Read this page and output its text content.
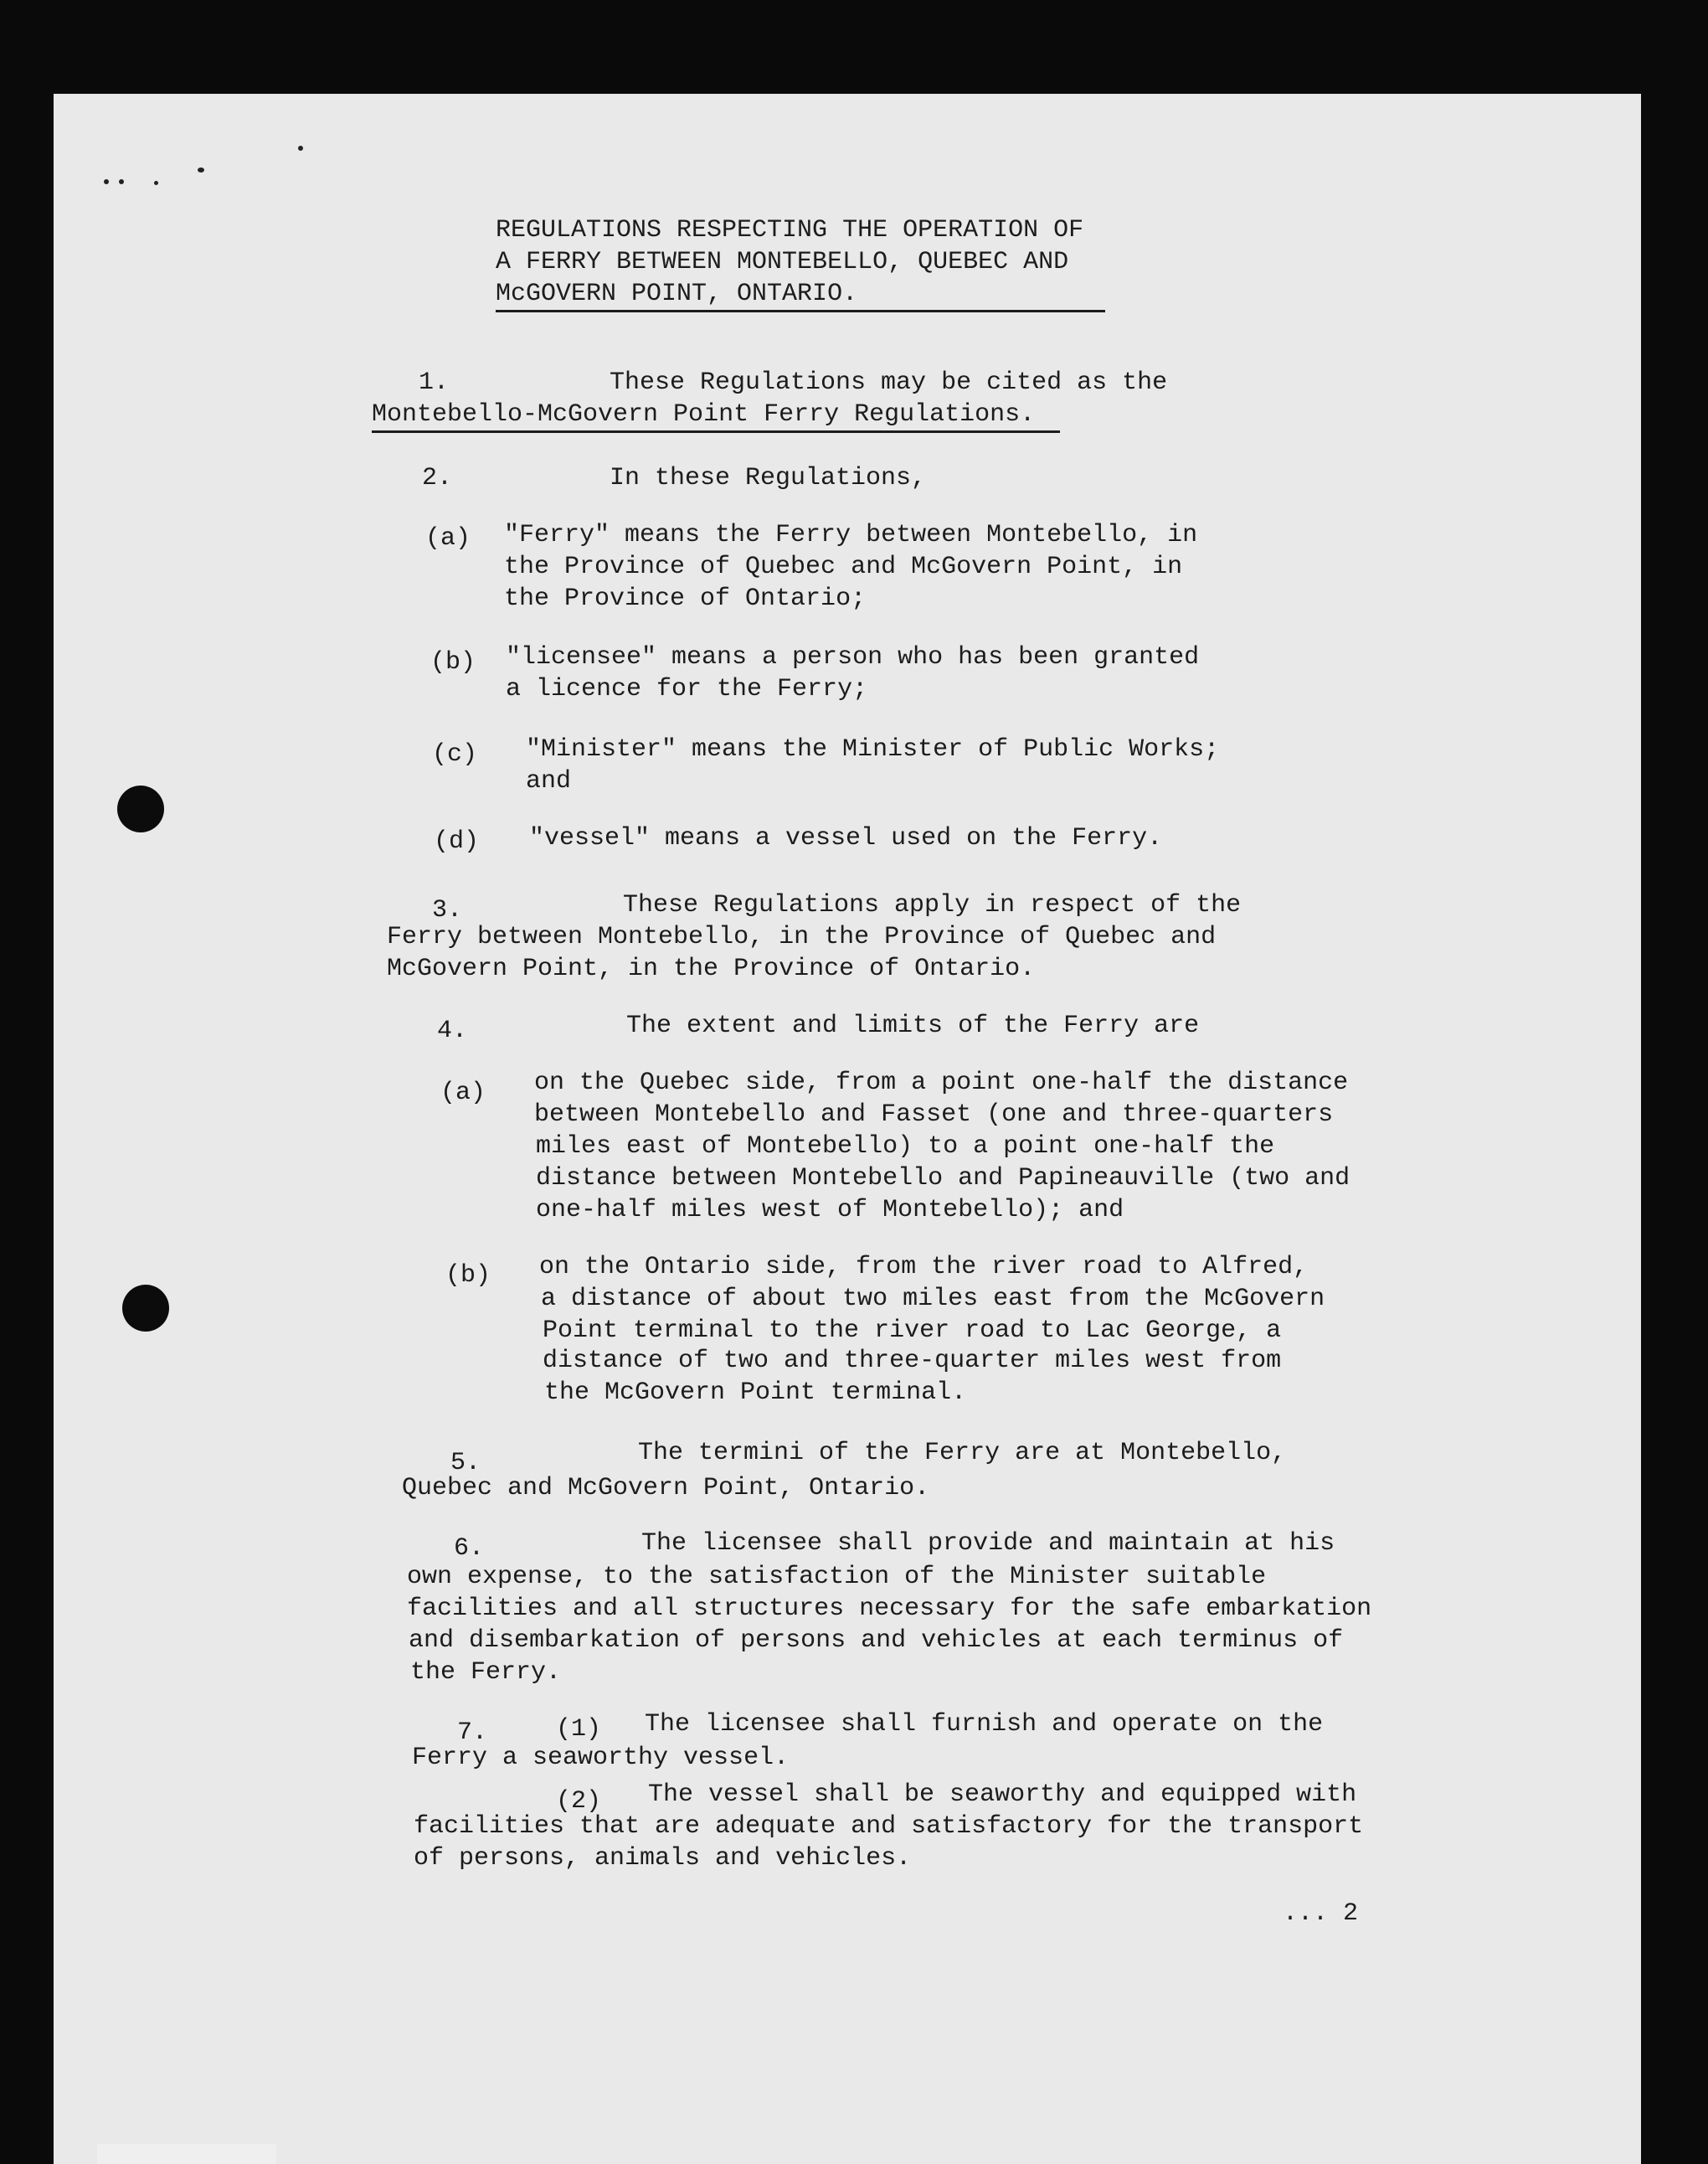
REGULATIONS RESPECTING THE OPERATION OF
A FERRY BETWEEN MONTEBELLO, QUEBEC AND
McGOVERN POINT, ONTARIO.
1.	These Regulations may be cited as the
Montebello-McGovern Point Ferry Regulations.
2.	In these Regulations,
(a) "Ferry" means the Ferry between Montebello, in
the Province of Quebec and McGovern Point, in
the Province of Ontario;
(b) "licensee" means a person who has been granted
a licence for the Ferry;
(c) "Minister" means the Minister of Public Works;
and
(d) "vessel" means a vessel used on the Ferry.
3.	These Regulations apply in respect of the
Ferry between Montebello, in the Province of Quebec and
McGovern Point, in the Province of Ontario.
4.	The extent and limits of the Ferry are
(a) on the Quebec side, from a point one-half the distance
between Montebello and Fasset (one and three-quarters
miles east of Montebello) to a point one-half the
distance between Montebello and Papineauville (two and
one-half miles west of Montebello); and
(b) on the Ontario side, from the river road to Alfred,
a distance of about two miles east from the McGovern
Point terminal to the river road to Lac George, a
distance of two and three-quarter miles west from
the McGovern Point terminal.
5.	The termini of the Ferry are at Montebello,
Quebec and McGovern Point, Ontario.
6.	The licensee shall provide and maintain at his
own expense, to the satisfaction of the Minister suitable
facilities and all structures necessary for the safe embarkation
and disembarkation of persons and vehicles at each terminus of
the Ferry.
7.	(1) The licensee shall furnish and operate on the
Ferry a seaworthy vessel.
(2) The vessel shall be seaworthy and equipped with
facilities that are adequate and satisfactory for the transport
of persons, animals and vehicles.
... 2
